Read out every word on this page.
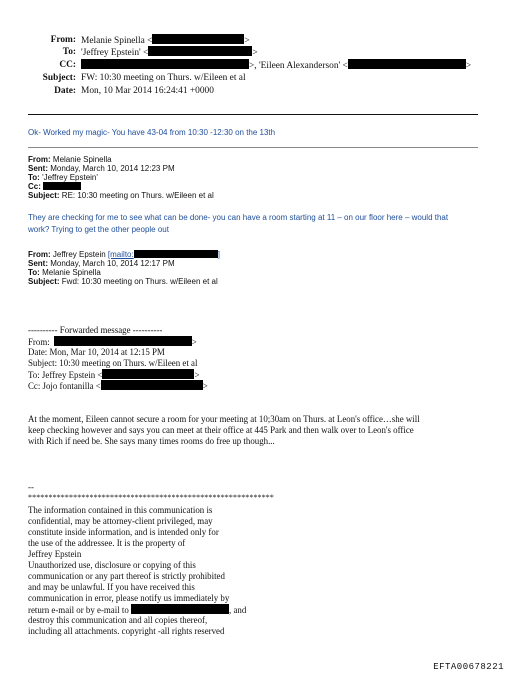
From: Melanie Spinella <	>
To: 'Jeffrey Epstein' <	>
CC:	>, 'Eileen Alexanderson' <	>
Subject: FW: 10:30 meeting on Thurs. w/Eileen et al
Date: Mon, 10 Mar 2014 16:24:41 +0000
Ok- Worked my magic- You have 43-04 from 10:30 -12:30 on the 13th
From: Melanie Spinella
Sent: Monday, March 10, 2014 12:23 PM
To: 'Jeffrey Epstein'
Cc:
Subject: RE: 10:30 meeting on Thurs. w/Eileen et al
They are checking for me to see what can be done- you can have a room starting at 11 – on our floor here – would that
work? Trying to get the other people out
From: Jeffrey Epstein [mailto:	]
Sent: Monday, March 10, 2014 12:17 PM
To: Melanie Spinella
Subject: Fwd: 10:30 meeting on Thurs. w/Eileen et al
---------- Forwarded message ----------
From:	>
Date: Mon, Mar 10, 2014 at 12:15 PM
Subject: 10:30 meeting on Thurs. w/Eileen et al
To: Jeffrey Epstein <	>
Cc: Jojo fontanilla <	>
At the moment, Eileen cannot secure a room for your meeting at 10;30am on Thurs. at Leon's office…she will
keep checking however and says you can meet at their office at 445 Park and then walk over to Leon's office
with Rich if need be. She says many times rooms do free up though...
--
************************************************************
The information contained in this communication is
confidential, may be attorney-client privileged, may
constitute inside information, and is intended only for
the use of the addressee. It is the property of
Jeffrey Epstein
Unauthorized use, disclosure or copying of this
communication or any part thereof is strictly prohibited
and may be unlawful. If you have received this
communication in error, please notify us immediately by
return e-mail or by e-mail to	, and
destroy this communication and all copies thereof,
including all attachments. copyright -all rights reserved
EFTA00678221
